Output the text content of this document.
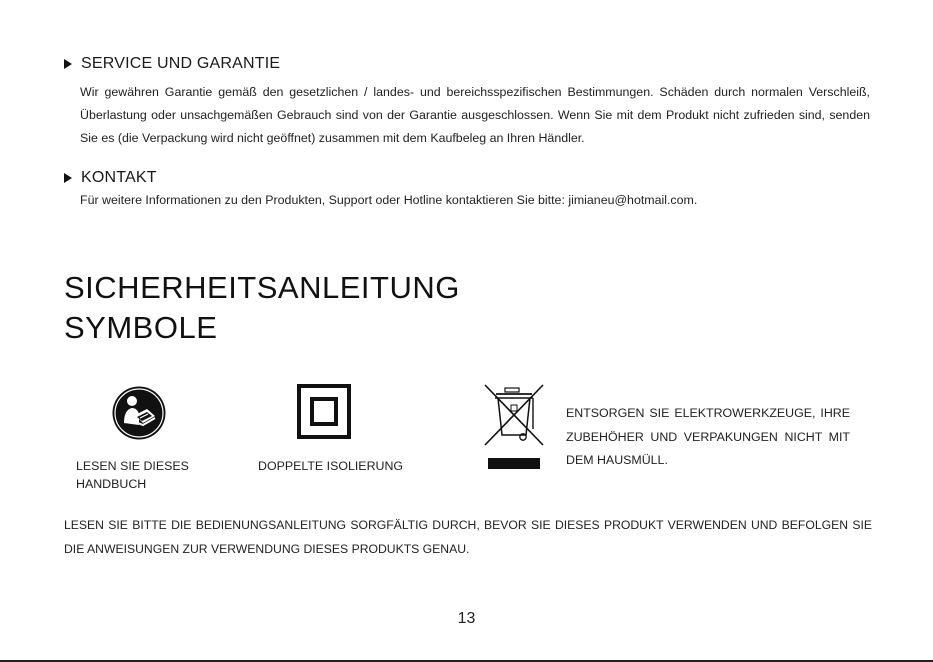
SERVICE UND GARANTIE
Wir gewähren Garantie gemäß den gesetzlichen / landes- und bereichsspezifischen Bestimmungen. Schäden durch normalen Verschleiß, Überlastung oder unsachgemäßen Gebrauch sind von der Garantie ausgeschlossen. Wenn Sie mit dem Produkt nicht zufrieden sind, senden Sie es (die Verpackung wird nicht geöffnet) zusammen mit dem Kaufbeleg an Ihren Händler.
KONTAKT
Für weitere Informationen zu den Produkten, Support oder Hotline kontaktieren Sie bitte: jimianeu@hotmail.com.
SICHERHEITSANLEITUNG
SYMBOLE
LESEN SIE DIESES
HANDBUCH
DOPPELTE ISOLIERUNG
ENTSORGEN SIE ELEKTROWERKZEUGE, IHRE ZUBEHÖHER UND VERPAKUNGEN NICHT MIT DEM HAUSMÜLL.
LESEN SIE BITTE DIE BEDIENUNGSANLEITUNG SORGFÄLTIG DURCH, BEVOR SIE DIESES PRODUKT VERWENDEN UND BEFOLGEN SIE DIE ANWEISUNGEN ZUR VERWENDUNG DIESES PRODUKTS GENAU.
13
